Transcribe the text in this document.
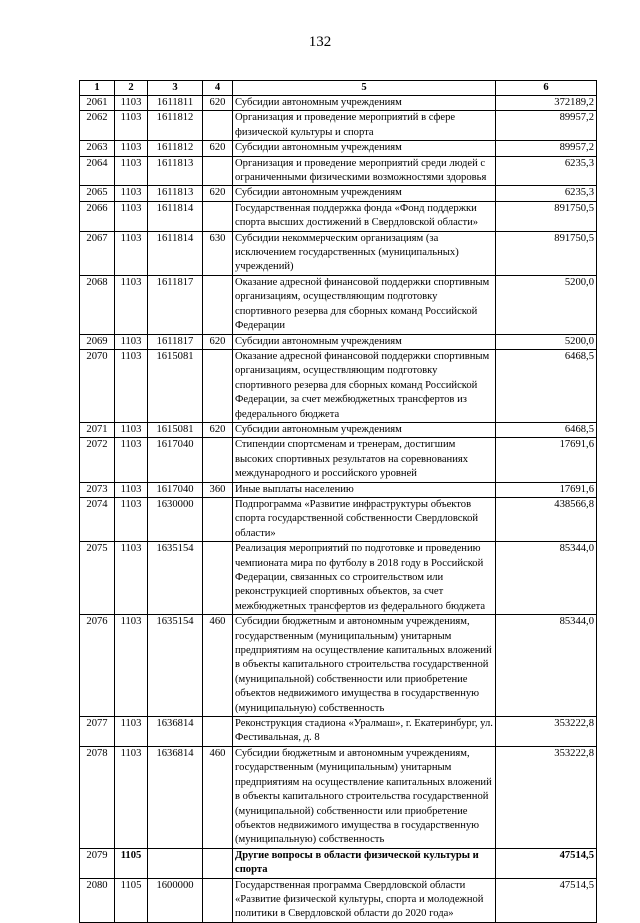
132
1	2	3	4	5	6
2061	1103	1611811	620	Субсидии автономным учреждениям	372189,2
2062	1103	1611812		Организация и проведение мероприятий в сфере физической культуры и спорта	89957,2
2063	1103	1611812	620	Субсидии автономным учреждениям	89957,2
2064	1103	1611813		Организация и проведение мероприятий среди людей с ограниченными физическими возможностями здоровья	6235,3
2065	1103	1611813	620	Субсидии автономным учреждениям	6235,3
2066	1103	1611814		Государственная поддержка фонда «Фонд поддержки спорта высших достижений в Свердловской области»	891750,5
2067	1103	1611814	630	Субсидии некоммерческим организациям (за исключением государственных (муниципальных) учреждений)	891750,5
2068	1103	1611817		Оказание адресной финансовой поддержки спортивным организациям, осуществляющим подготовку спортивного резерва для сборных команд Российской Федерации	5200,0
2069	1103	1611817	620	Субсидии автономным учреждениям	5200,0
2070	1103	1615081		Оказание адресной финансовой поддержки спортивным организациям, осуществляющим подготовку спортивного резерва для сборных команд Российской Федерации, за счет межбюджетных трансфертов из федерального бюджета	6468,5
2071	1103	1615081	620	Субсидии автономным учреждениям	6468,5
2072	1103	1617040		Стипендии спортсменам и тренерам, достигшим высоких спортивных результатов на соревнованиях международного и российского уровней	17691,6
2073	1103	1617040	360	Иные выплаты населению	17691,6
2074	1103	1630000		Подпрограмма «Развитие инфраструктуры объектов спорта государственной собственности Свердловской области»	438566,8
2075	1103	1635154		Реализация мероприятий по подготовке и проведению чемпионата мира по футболу в 2018 году в Российской Федерации, связанных со строительством или реконструкцией спортивных объектов, за счет межбюджетных трансфертов из федерального бюджета	85344,0
2076	1103	1635154	460	Субсидии бюджетным и автономным учреждениям, государственным (муниципальным) унитарным предприятиям на осуществление капитальных вложений в объекты капитального строительства государственной (муниципальной) собственности или приобретение объектов недвижимого имущества в государственную (муниципальную) собственность	85344,0
2077	1103	1636814		Реконструкция стадиона «Уралмаш», г. Екатеринбург, ул. Фестивальная, д. 8	353222,8
2078	1103	1636814	460	Субсидии бюджетным и автономным учреждениям, государственным (муниципальным) унитарным предприятиям на осуществление капитальных вложений в объекты капитального строительства государственной (муниципальной) собственности или приобретение объектов недвижимого имущества в государственную (муниципальную) собственность	353222,8
2079	1105			Другие вопросы в области физической культуры и спорта	47514,5
2080	1105	1600000		Государственная программа Свердловской области «Развитие физической культуры, спорта и молодежной политики в Свердловской области до 2020 года»	47514,5
